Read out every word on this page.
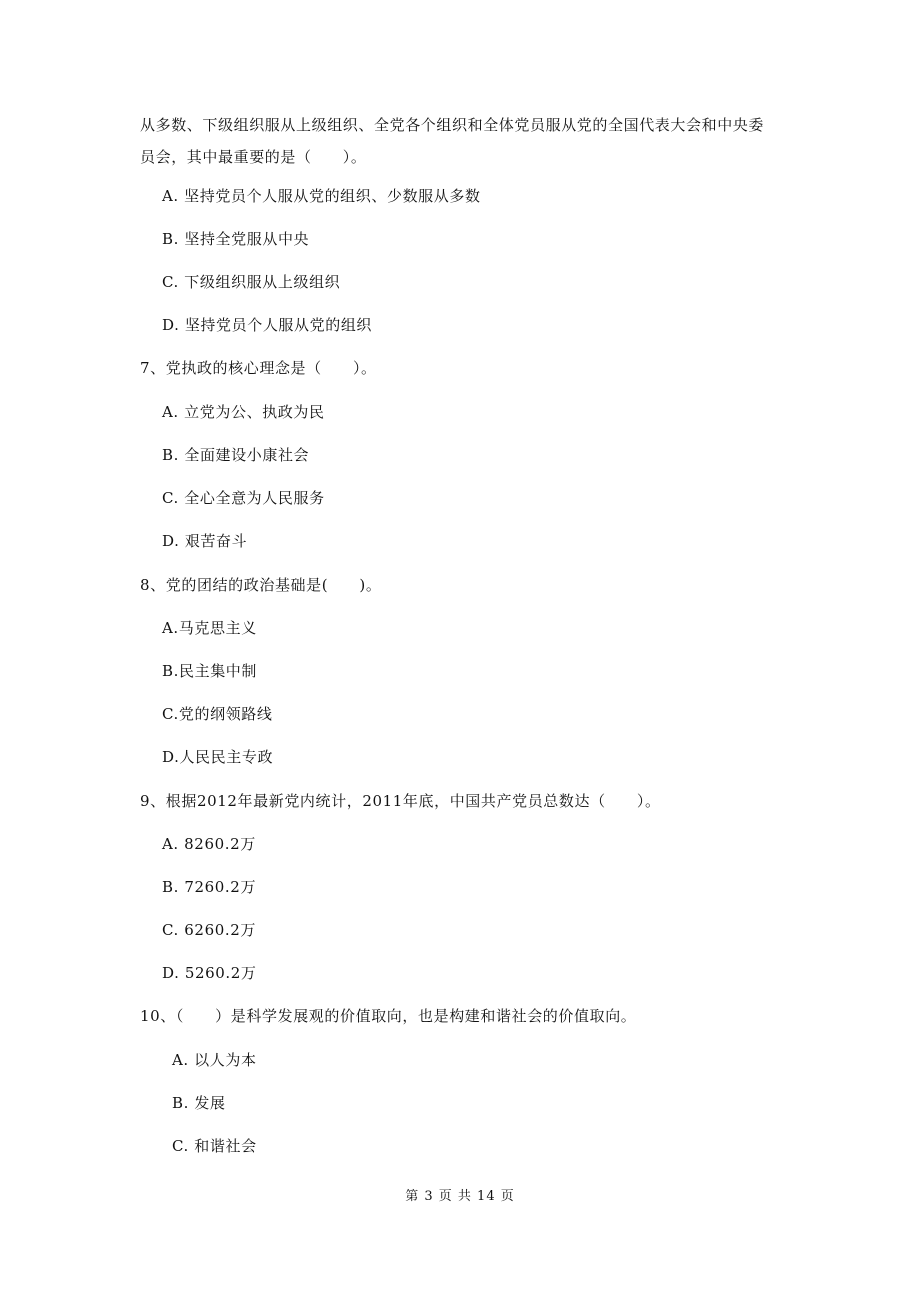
从多数、下级组织服从上级组织、全党各个组织和全体党员服从党的全国代表大会和中央委
员会，其中最重要的是（　　）。
A. 坚持党员个人服从党的组织、少数服从多数
B. 坚持全党服从中央
C. 下级组织服从上级组织
D. 坚持党员个人服从党的组织
7、党执政的核心理念是（　　）。
A. 立党为公、执政为民
B. 全面建设小康社会
C. 全心全意为人民服务
D. 艰苦奋斗
8、党的团结的政治基础是(　　)。
A.马克思主义
B.民主集中制
C.党的纲领路线
D.人民民主专政
9、根据2012年最新党内统计，2011年底，中国共产党员总数达（　　）。
A. 8260.2万
B. 7260.2万
C. 6260.2万
D. 5260.2万
10、（　　）是科学发展观的价值取向，也是构建和谐社会的价值取向。
A. 以人为本
B. 发展
C. 和谐社会
第 3 页 共 14 页
